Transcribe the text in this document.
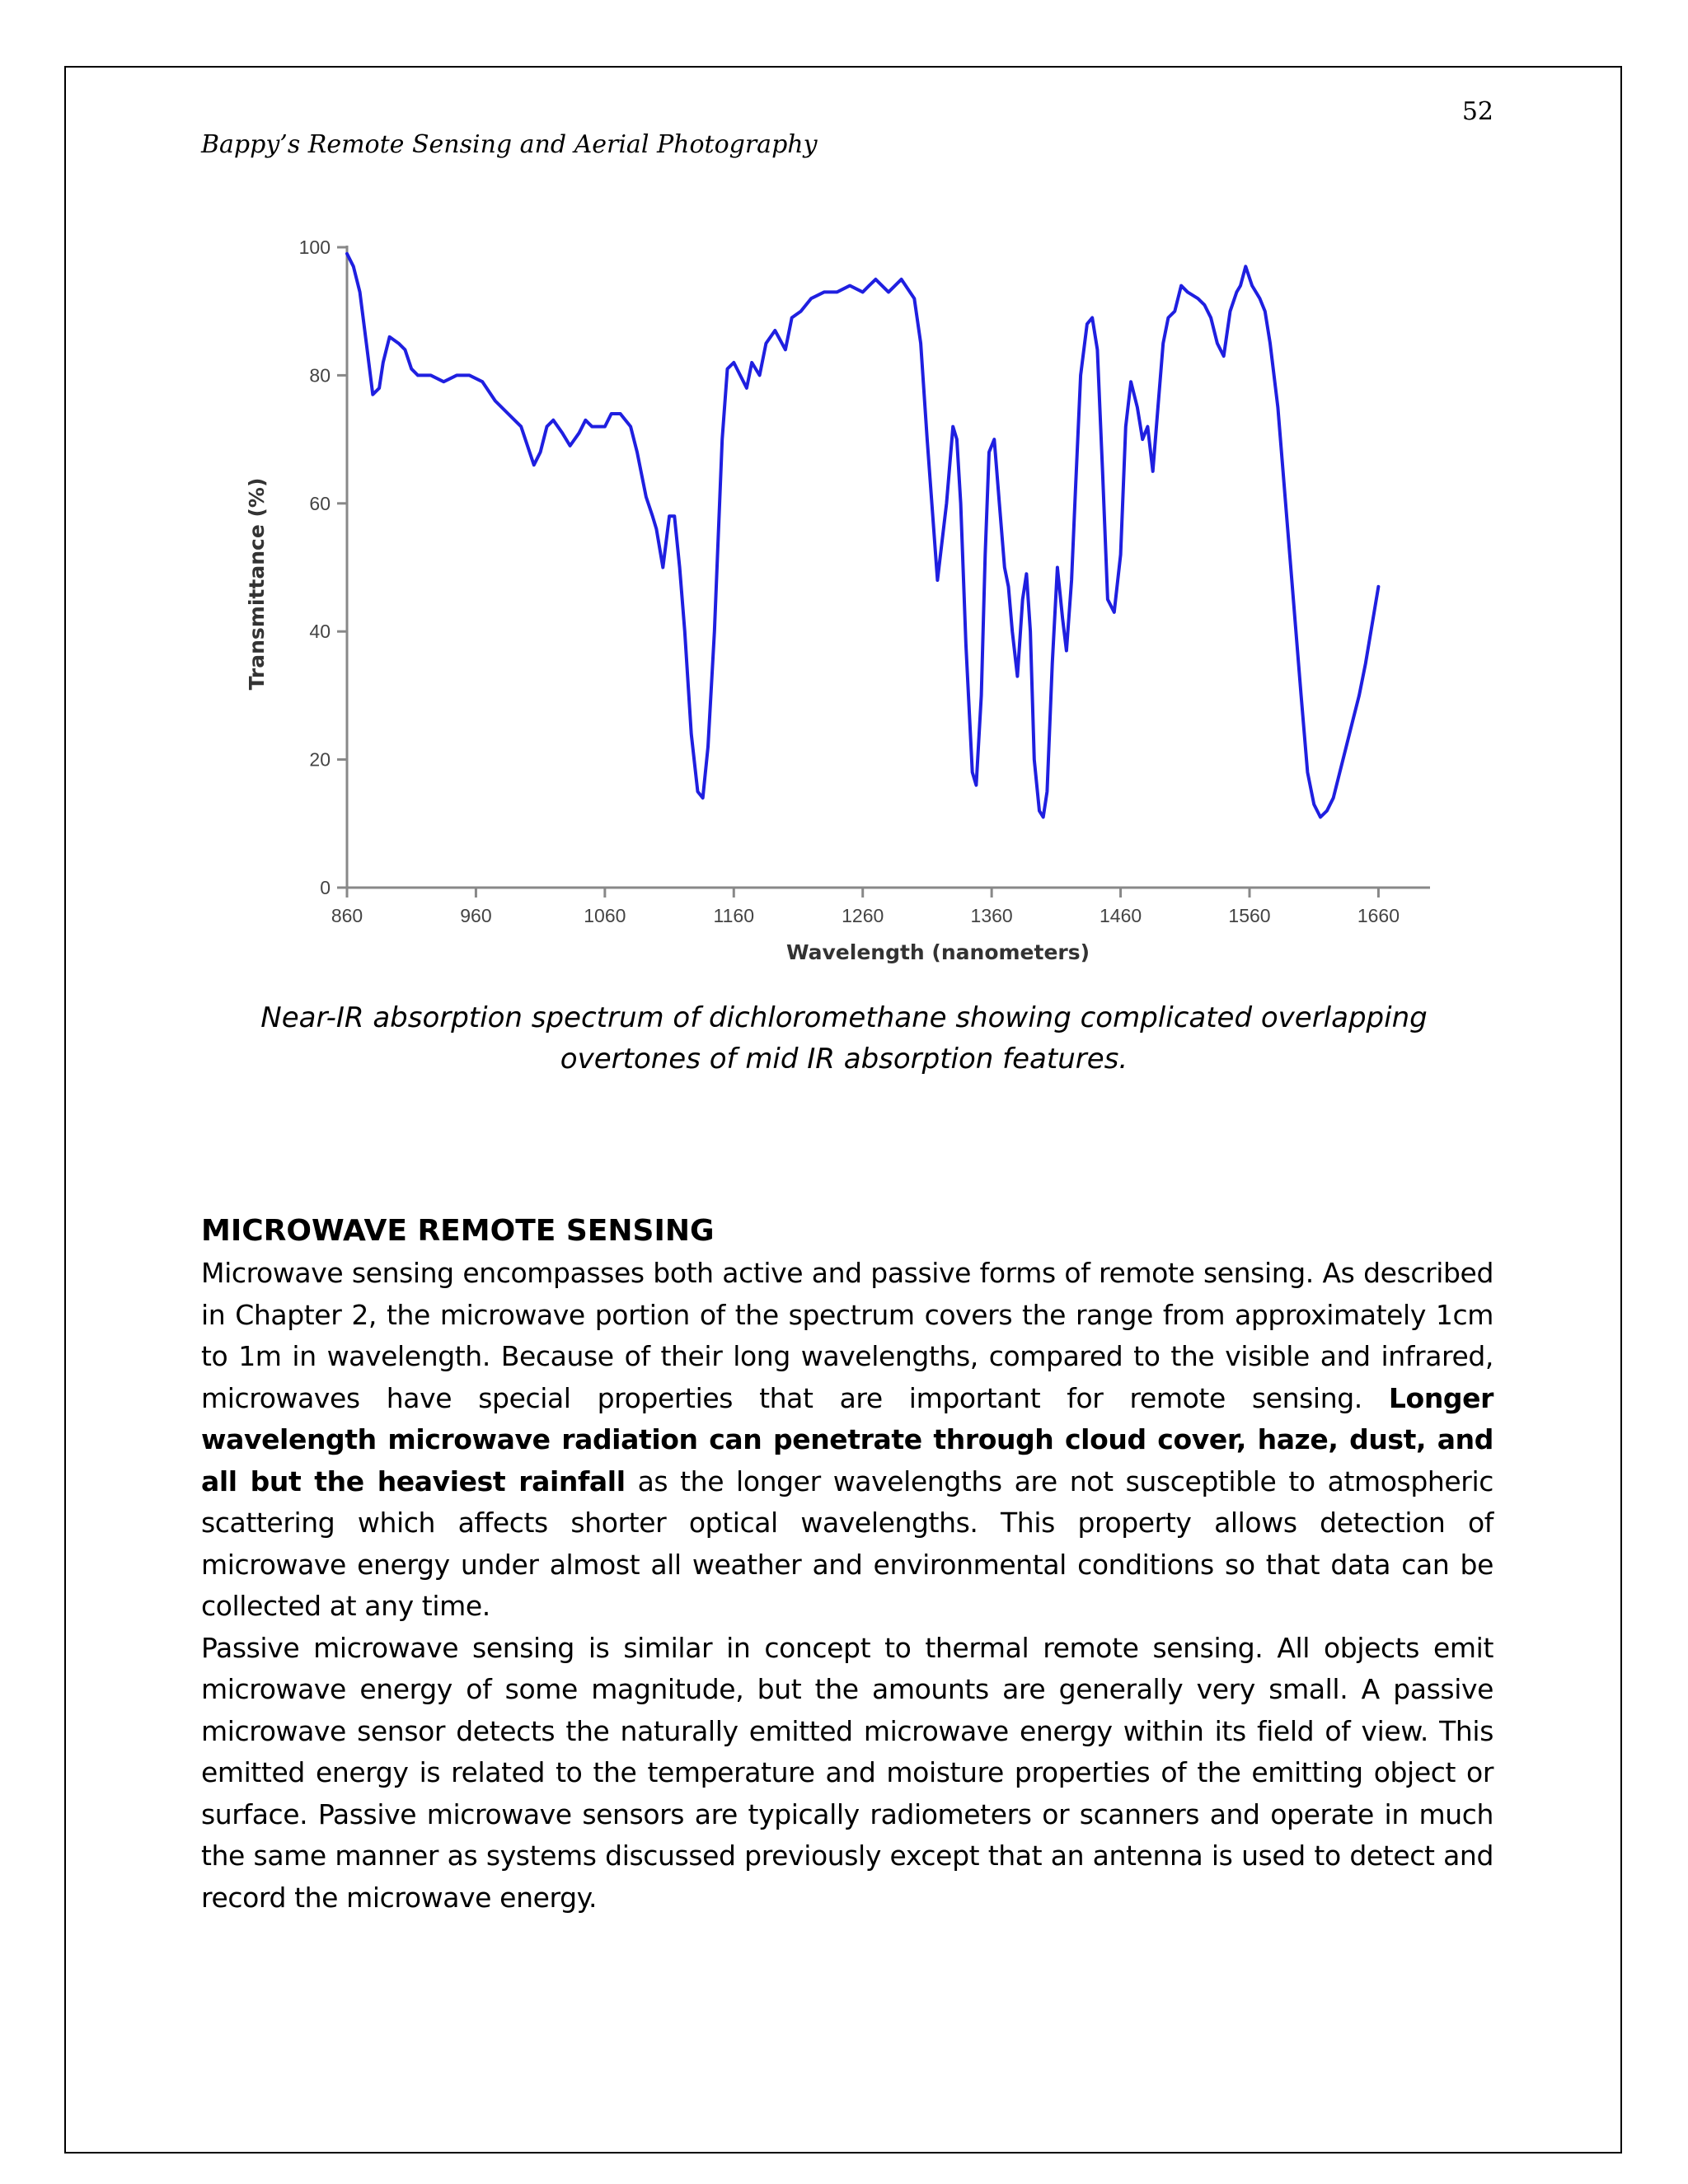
52
Bappy’s Remote Sensing and Aerial Photography
0
20
40
60
80
100
860	960	1060	1160	1260	1360	1460	1560	1660
Wavelength (nanometers)
Transmittance (%)
Near-IR absorption spectrum of dichloromethane showing complicated overlapping overtones of mid IR absorption features.
MICROWAVE REMOTE SENSING

Microwave sensing encompasses both active and passive forms of remote sensing. As described in Chapter 2, the microwave portion of the spectrum covers the range from approximately 1cm to 1m in wavelength. Because of their long wavelengths, compared to the visible and infrared, microwaves have special properties that are important for remote sensing. Longer wavelength microwave radiation can penetrate through cloud cover, haze, dust, and all but the heaviest rainfall as the longer wavelengths are not susceptible to atmospheric scattering which affects shorter optical wavelengths. This property allows detection of microwave energy under almost all weather and environmental conditions so that data can be collected at any time.

Passive microwave sensing is similar in concept to thermal remote sensing. All objects emit microwave energy of some magnitude, but the amounts are generally very small. A passive microwave sensor detects the naturally emitted microwave energy within its field of view. This emitted energy is related to the temperature and moisture properties of the emitting object or surface. Passive microwave sensors are typically radiometers or scanners and operate in much the same manner as systems discussed previously except that an antenna is used to detect and record the microwave energy.
